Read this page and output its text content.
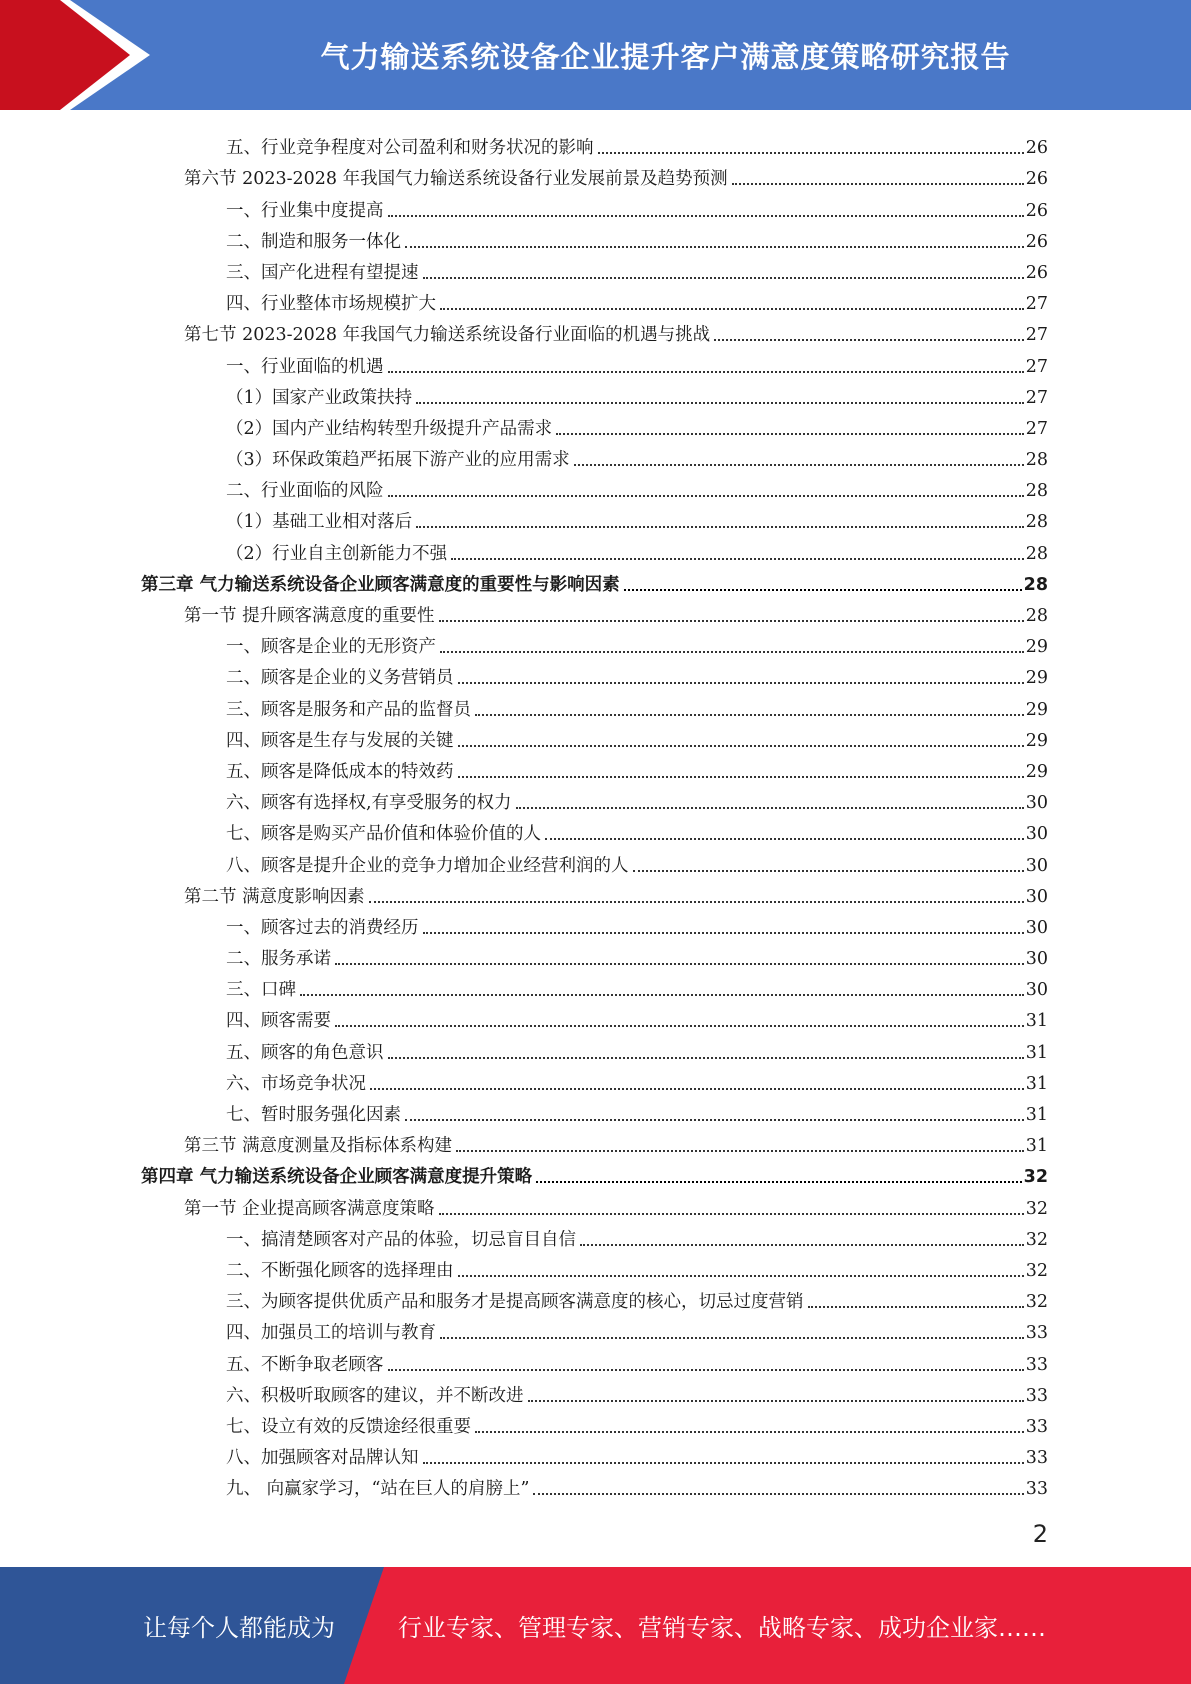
气力输送系统设备企业提升客户满意度策略研究报告
五、行业竞争程度对公司盈利和财务状况的影响	26
第六节 2023-2028 年我国气力输送系统设备行业发展前景及趋势预测	26
一、行业集中度提高	26
二、制造和服务一体化	26
三、国产化进程有望提速	26
四、行业整体市场规模扩大	27
第七节 2023-2028 年我国气力输送系统设备行业面临的机遇与挑战	27
一、行业面临的机遇	27
（1）国家产业政策扶持	27
（2）国内产业结构转型升级提升产品需求	27
（3）环保政策趋严拓展下游产业的应用需求	28
二、行业面临的风险	28
（1）基础工业相对落后	28
（2）行业自主创新能力不强	28
第三章 气力输送系统设备企业顾客满意度的重要性与影响因素	28
第一节 提升顾客满意度的重要性	28
一、顾客是企业的无形资产	29
二、顾客是企业的义务营销员	29
三、顾客是服务和产品的监督员	29
四、顾客是生存与发展的关键	29
五、顾客是降低成本的特效药	29
六、顾客有选择权,有享受服务的权力	30
七、顾客是购买产品价值和体验价值的人	30
八、顾客是提升企业的竞争力增加企业经营利润的人	30
第二节 满意度影响因素	30
一、顾客过去的消费经历	30
二、服务承诺	30
三、口碑	30
四、顾客需要	31
五、顾客的角色意识	31
六、市场竞争状况	31
七、暂时服务强化因素	31
第三节 满意度测量及指标体系构建	31
第四章 气力输送系统设备企业顾客满意度提升策略	32
第一节 企业提高顾客满意度策略	32
一、搞清楚顾客对产品的体验，切忌盲目自信	32
二、不断强化顾客的选择理由	32
三、为顾客提供优质产品和服务才是提高顾客满意度的核心，切忌过度营销	32
四、加强员工的培训与教育	33
五、不断争取老顾客	33
六、积极听取顾客的建议，并不断改进	33
七、设立有效的反馈途经很重要	33
八、加强顾客对品牌认知	33
九、 向赢家学习，“站在巨人的肩膀上”	33
2
让每个人都能成为	行业专家、管理专家、营销专家、战略专家、成功企业家……
